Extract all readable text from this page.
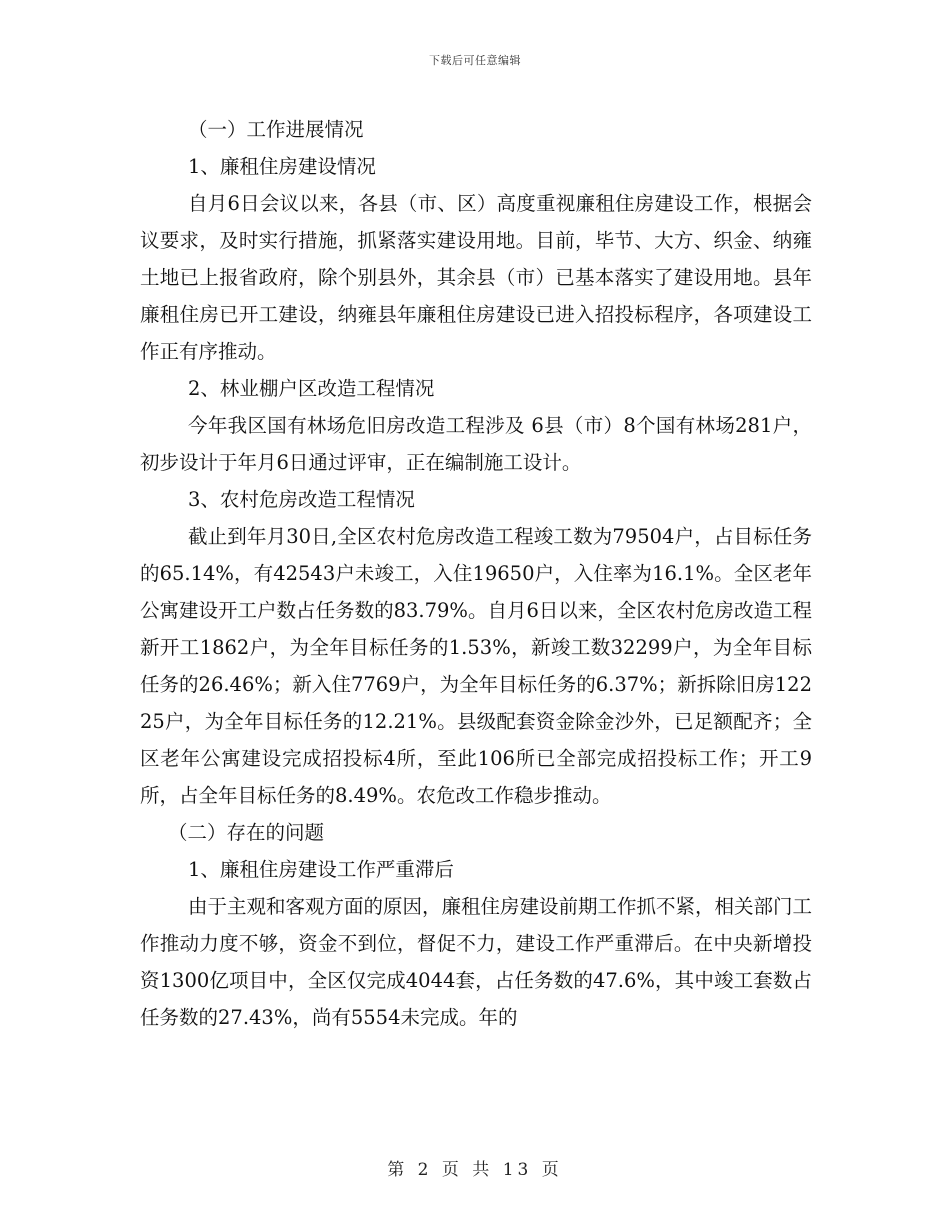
下载后可任意编辑

（一）工作进展情况

1、廉租住房建设情况

自月6日会议以来，各县（市、区）高度重视廉租住房建设工作，根据会议要求，及时实行措施，抓紧落实建设用地。目前，毕节、大方、织金、纳雍土地已上报省政府，除个别县外，其余县（市）已基本落实了建设用地。县年廉租住房已开工建设，纳雍县年廉租住房建设已进入招投标程序，各项建设工作正有序推动。

2、林业棚户区改造工程情况

今年我区国有林场危旧房改造工程涉及 6县（市）8个国有林场281户，初步设计于年月6日通过评审，正在编制施工设计。

3、农村危房改造工程情况

截止到年月30日,全区农村危房改造工程竣工数为79504户，占目标任务的65.14%，有42543户未竣工，入住19650户，入住率为16.1%。全区老年公寓建设开工户数占任务数的83.79%。自月6日以来，全区农村危房改造工程新开工1862户，为全年目标任务的1.53%，新竣工数32299户，为全年目标任务的26.46%；新入住7769户，为全年目标任务的6.37%；新拆除旧房12225户，为全年目标任务的12.21%。县级配套资金除金沙外，已足额配齐；全区老年公寓建设完成招投标4所，至此106所已全部完成招投标工作；开工9所，占全年目标任务的8.49%。农危改工作稳步推动。

（二）存在的问题

1、廉租住房建设工作严重滞后

由于主观和客观方面的原因，廉租住房建设前期工作抓不紧，相关部门工作推动力度不够，资金不到位，督促不力，建设工作严重滞后。在中央新增投资1300亿项目中，全区仅完成4044套，占任务数的47.6%，其中竣工套数占任务数的27.43%，尚有5554未完成。年的

第 2 页 共 13 页
